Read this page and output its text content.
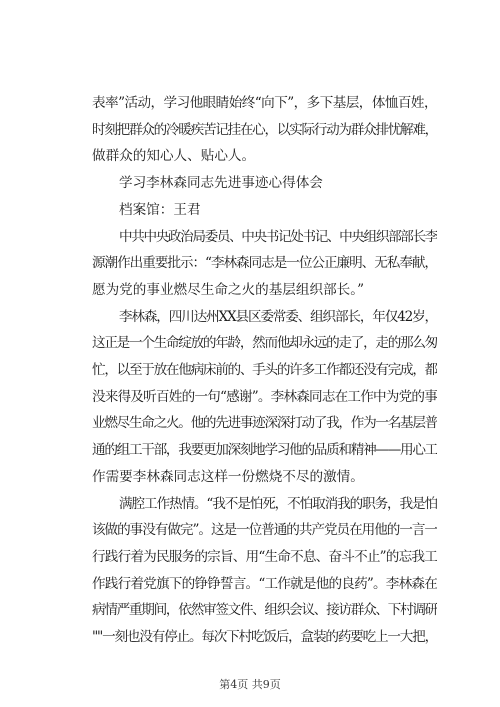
表率”活动，学习他眼睛始终“向下”，多下基层，体恤百姓，
时刻把群众的冷暖疾苦记挂在心，以实际行动为群众排忧解难，
做群众的知心人、贴心人。
学习李林森同志先进事迹心得体会
档案馆：王君
中共中央政治局委员、中央书记处书记、中央组织部部长李
源潮作出重要批示：“李林森同志是一位公正廉明、无私奉献，
愿为党的事业燃尽生命之火的基层组织部长。”
李林森，四川达州XX县区委常委、组织部长，年仅42岁，
这正是一个生命绽放的年龄，然而他却永远的走了，走的那么匆
忙，以至于放在他病床前的、手头的许多工作都还没有完成，都
没来得及听百姓的一句“感谢”。李林森同志在工作中为党的事
业燃尽生命之火。他的先进事迹深深打动了我，作为一名基层普
通的组工干部，我要更加深刻地学习他的品质和精神——用心工
作需要李林森同志这样一份燃烧不尽的激情。
满腔工作热情。“我不是怕死，不怕取消我的职务，我是怕
该做的事没有做完”。这是一位普通的共产党员在用他的一言一
行践行着为民服务的宗旨、用“生命不息、奋斗不止”的忘我工
作践行着党旗下的铮铮誓言。“工作就是他的良药”。李林森在
病情严重期间，依然审签文件、组织会议、接访群众、下村调研
""一刻也没有停止。每次下村吃饭后，盒装的药要吃上一大把，

第4页 共9页
